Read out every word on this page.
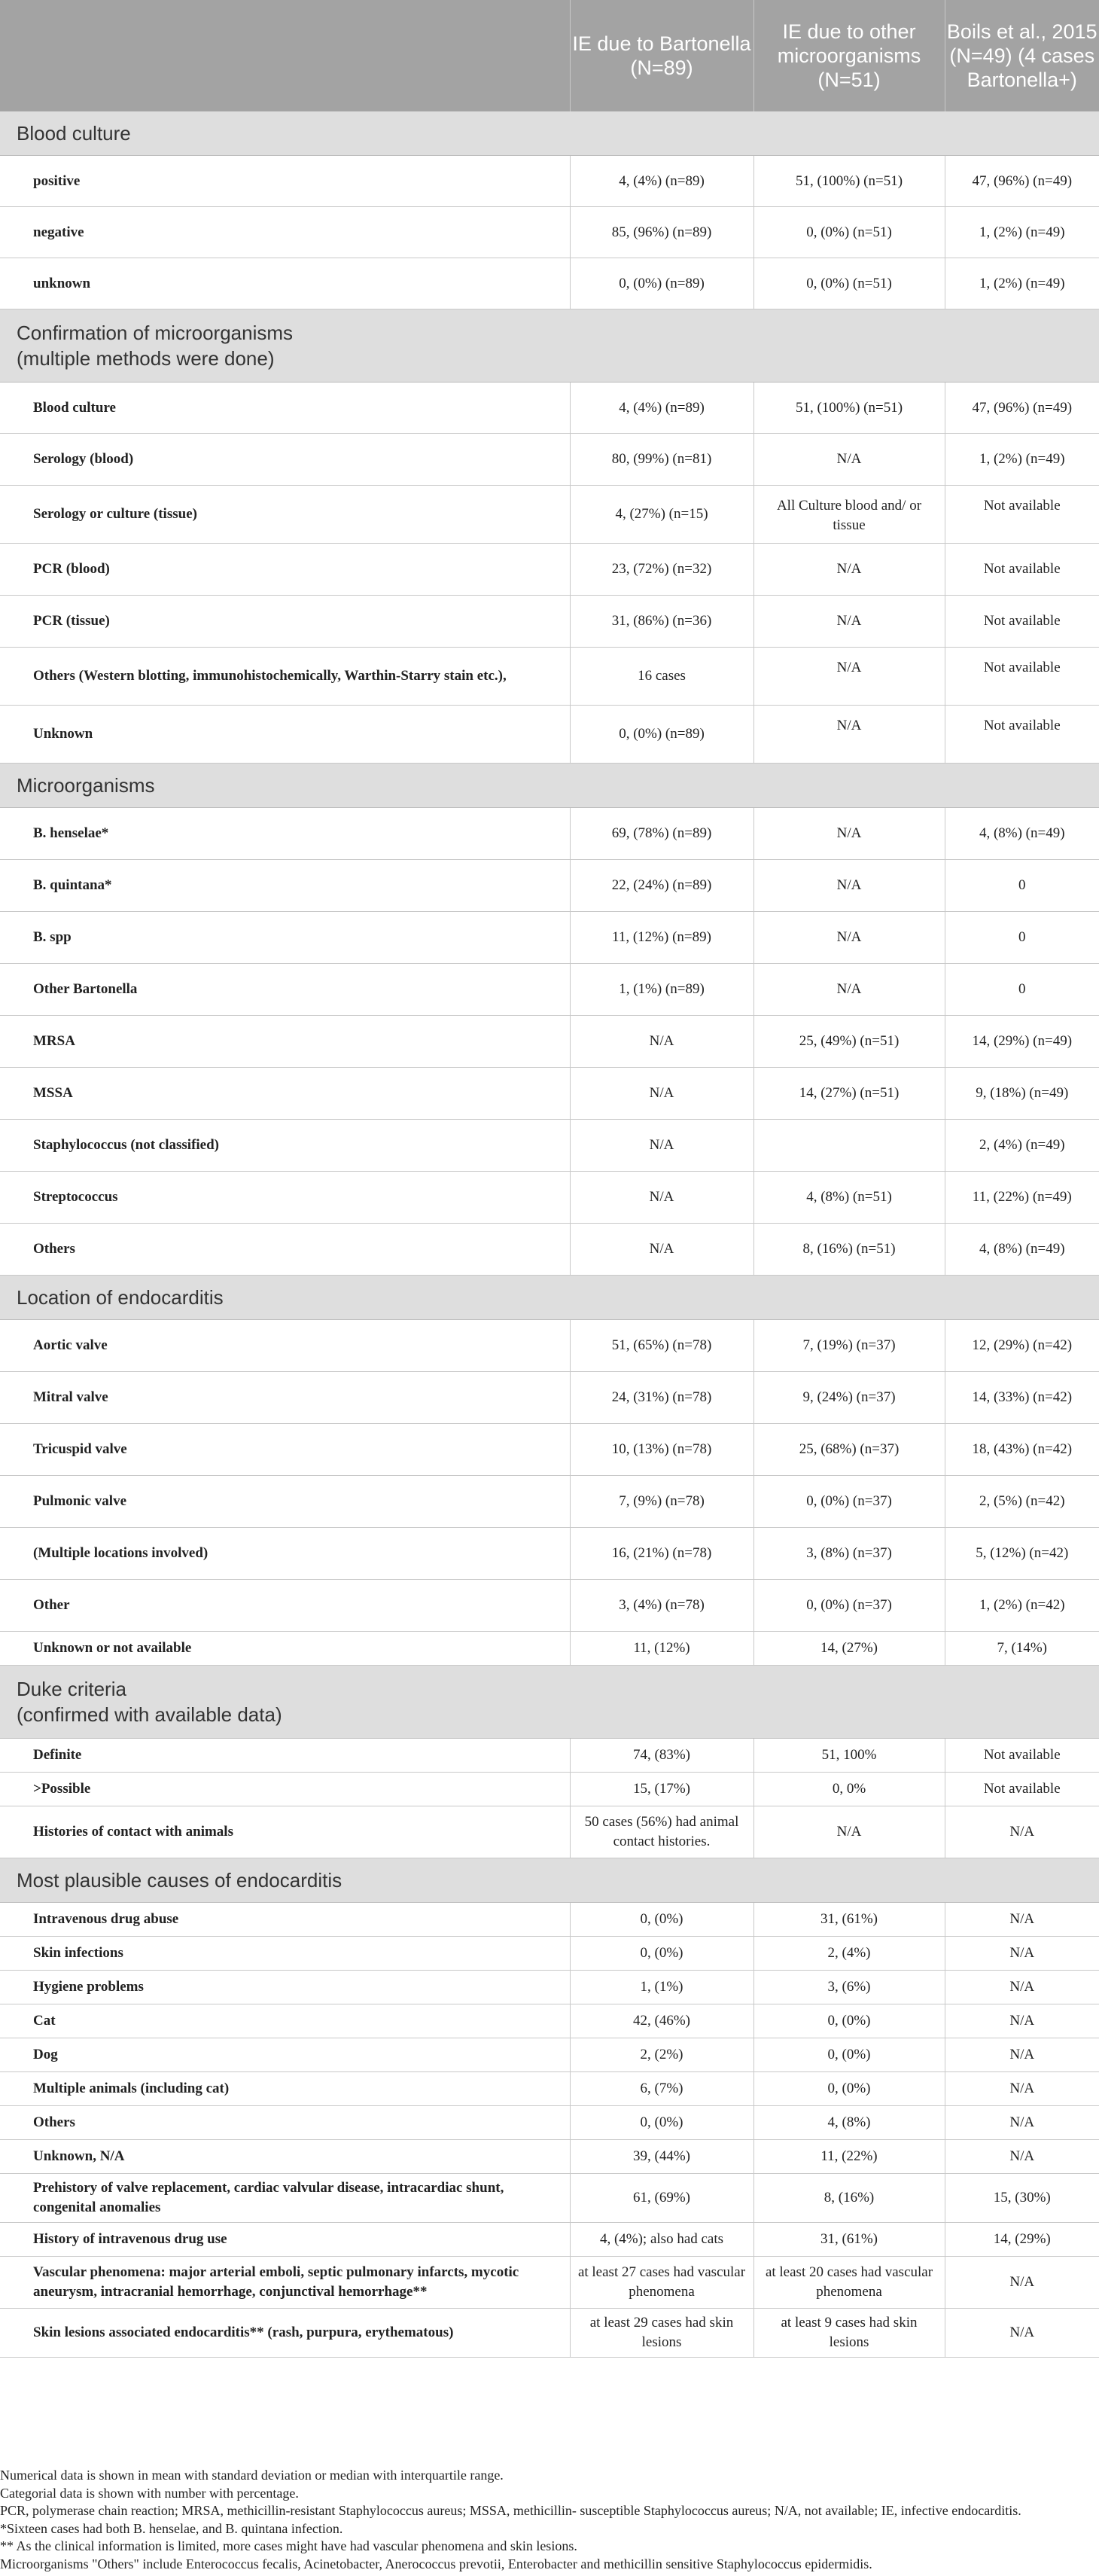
	IE due to Bartonella (N=89)	IE due to other microorganisms (N=51)	Boils et al., 2015 (N=49) (4 cases Bartonella+)
Blood culture			
positive	4, (4%) (n=89)	51, (100%) (n=51)	47, (96%) (n=49)
negative	85, (96%) (n=89)	0, (0%) (n=51)	1, (2%) (n=49)
unknown	0, (0%) (n=89)	0, (0%) (n=51)	1, (2%) (n=49)
Confirmation of microorganisms
(multiple methods were done)			
Blood culture	4, (4%) (n=89)	51, (100%) (n=51)	47, (96%) (n=49)
Serology (blood)	80, (99%) (n=81)	N/A	1, (2%) (n=49)
Serology or culture (tissue)	4, (27%) (n=15)	All Culture blood and/ or tissue	Not available
PCR (blood)	23, (72%) (n=32)	N/A	Not available
PCR (tissue)	31, (86%) (n=36)	N/A	Not available
Others (Western blotting, immunohistochemically, Warthin-Starry stain etc.),	16 cases	N/A	Not available
Unknown	0, (0%) (n=89)	N/A	Not available
Microorganisms			
B. henselae*	69, (78%) (n=89)	N/A	4, (8%) (n=49)
B. quintana*	22, (24%) (n=89)	N/A	0
B. spp	11, (12%) (n=89)	N/A	0
Other Bartonella	1, (1%) (n=89)	N/A	0
MRSA	N/A	25, (49%) (n=51)	14, (29%) (n=49)
MSSA	N/A	14, (27%) (n=51)	9, (18%) (n=49)
Staphylococcus (not classified)	N/A		2, (4%) (n=49)
Streptococcus	N/A	4, (8%) (n=51)	11, (22%) (n=49)
Others	N/A	8, (16%) (n=51)	4, (8%) (n=49)
Location of endocarditis			
Aortic valve	51, (65%) (n=78)	7, (19%) (n=37)	12, (29%) (n=42)
Mitral valve	24, (31%) (n=78)	9, (24%) (n=37)	14, (33%) (n=42)
Tricuspid valve	10, (13%) (n=78)	25, (68%) (n=37)	18, (43%) (n=42)
Pulmonic valve	7, (9%) (n=78)	0, (0%) (n=37)	2, (5%) (n=42)
(Multiple locations involved)	16, (21%) (n=78)	3, (8%) (n=37)	5, (12%) (n=42)
Other	3, (4%) (n=78)	0, (0%) (n=37)	1, (2%) (n=42)
Unknown or not available	11, (12%)	14, (27%)	7, (14%)
Duke criteria
(confirmed with available data)			
Definite	74, (83%)	51, 100%	Not available
>Possible	15, (17%)	0, 0%	Not available
Histories of contact with animals	50 cases (56%) had animal contact histories.	N/A	N/A
Most plausible causes of endocarditis			
Intravenous drug abuse	0, (0%)	31, (61%)	N/A
Skin infections	0, (0%)	2, (4%)	N/A
Hygiene problems	1, (1%)	3, (6%)	N/A
Cat	42, (46%)	0, (0%)	N/A
Dog	2, (2%)	0, (0%)	N/A
Multiple animals (including cat)	6, (7%)	0, (0%)	N/A
Others	0, (0%)	4, (8%)	N/A
Unknown, N/A	39, (44%)	11, (22%)	N/A
Prehistory of valve replacement, cardiac valvular disease, intracardiac shunt, congenital anomalies	61, (69%)	8, (16%)	15, (30%)
History of intravenous drug use	4, (4%); also had cats	31, (61%)	14, (29%)
Vascular phenomena: major arterial emboli, septic pulmonary infarcts, mycotic aneurysm, intracranial hemorrhage, conjunctival hemorrhage**	at least 27 cases had vascular phenomena	at least 20 cases had vascular phenomena	N/A
Skin lesions associated endocarditis** (rash, purpura, erythematous)	at least 29 cases had skin lesions	at least 9 cases had skin lesions	N/A
Numerical data is shown in mean with standard deviation or median with interquartile range.
Categorial data is shown with number with percentage.
PCR, polymerase chain reaction; MRSA, methicillin-resistant Staphylococcus aureus; MSSA, methicillin- susceptible Staphylococcus aureus; N/A, not available; IE, infective endocarditis.
*Sixteen cases had both B. henselae, and B. quintana infection.
** As the clinical information is limited, more cases might have had vascular phenomena and skin lesions.
Microorganisms "Others" include Enterococcus fecalis, Acinetobacter, Anerococcus prevotii, Enterobacter and methicillin sensitive Staphylococcus epidermidis.
